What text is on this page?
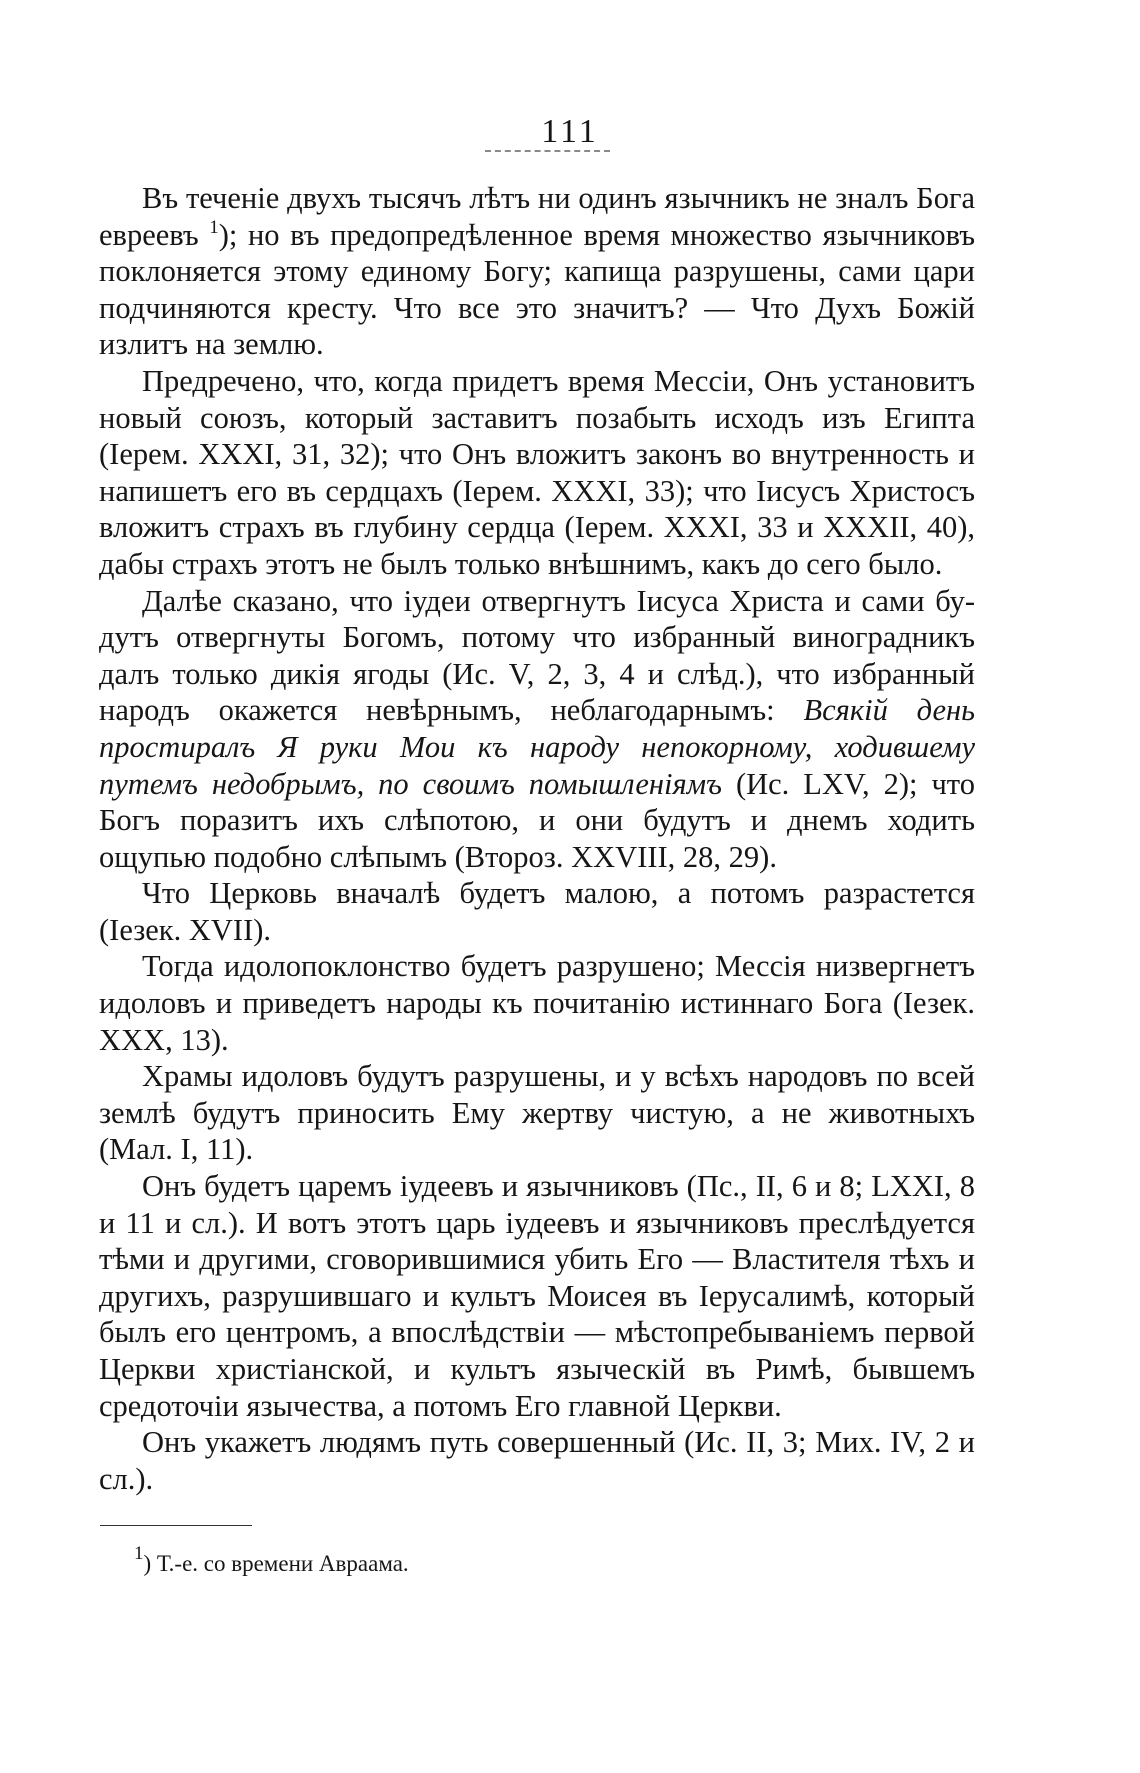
111

Въ теченіе двухъ тысячъ лѣтъ ни одинъ язычникъ не зналъ Бога евреевъ $^1$); но въ предопредѣленное время множество язычниковъ поклоняется этому единому Богу; капища разрушены, сами цари подчиняются кресту. Что все это значитъ? — Что Духъ Божій излитъ на землю.

Предречено, что, когда придетъ время Мессіи, Онъ установитъ новый союзъ, который заставитъ позабыть исходъ изъ Египта (Іерем. XXXI, 31, 32); что Онъ вложитъ законъ во внутренность и напишетъ его въ сердцахъ (Іерем. XXXI, 33); что Іисусъ Христосъ вложитъ страхъ въ глубину сердца (Іерем. XXXI, 33 и XXXII, 40), дабы страхъ этотъ не былъ только внѣшнимъ, какъ до сего было.

Далѣе сказано, что іудеи отвергнутъ Іисуса Христа и сами будутъ отвергнуты Богомъ, потому что избранный виноградникъ далъ только дикія ягоды (Ис. V, 2, 3, 4 и слѣд.), что избранный народъ окажется невѣрнымъ, неблагодарнымъ: Всякій день простиралъ Я руки Мои къ народу непокорному, ходившему путемъ недобрымъ, по своимъ помышленіямъ (Ис. LXV, 2); что Богъ поразитъ ихъ слѣпотою, и они будутъ и днемъ ходить ощупью подобно слѣпымъ (Второз. XXVIII, 28, 29).

Что Церковь вначалѣ будетъ малою, а потомъ разрастется (Іезек. XVII).

Тогда идолопоклонство будетъ разрушено; Мессія низвергнетъ идоловъ и приведетъ народы къ почитанію истиннаго Бога (Іезек. XXX, 13).

Храмы идоловъ будутъ разрушены, и у всѣхъ народовъ по всей землѣ будутъ приносить Ему жертву чистую, а не животныхъ (Мал. I, 11).

Онъ будетъ царемъ іудеевъ и язычниковъ (Пс., II, 6 и 8; LXXI, 8 и 11 и сл.). И вотъ этотъ царь іудеевъ и язычниковъ преслѣдуется тѣми и другими, сговорившимися убить Его — Властителя тѣхъ и другихъ, разрушившаго и культъ Моисея въ Іерусалимѣ, который былъ его центромъ, а впослѣдствіи — мѣстопребываніемъ первой Церкви христіанской, и культъ языческій въ Римѣ, бывшемъ средоточіи язычества, а потомъ Его главной Церкви.

Онъ укажетъ людямъ путь совершенный (Ис. II, 3; Мих. IV, 2 и сл.).

$^1$) Т.-е. со времени Авраама.
